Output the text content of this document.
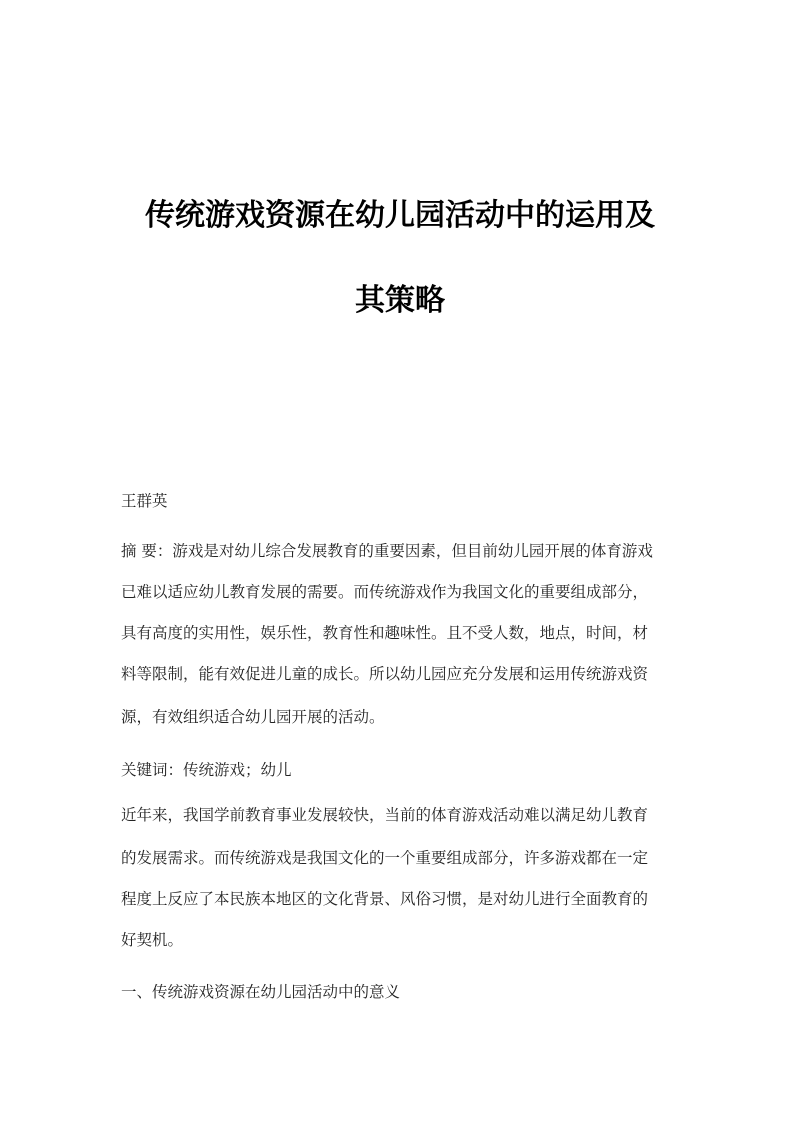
传统游戏资源在幼儿园活动中的运用及
其策略
王群英
摘 要：游戏是对幼儿综合发展教育的重要因素，但目前幼儿园开展的体育游戏
已难以适应幼儿教育发展的需要。而传统游戏作为我国文化的重要组成部分，
具有高度的实用性，娱乐性，教育性和趣味性。且不受人数，地点，时间，材
料等限制，能有效促进儿童的成长。所以幼儿园应充分发展和运用传统游戏资
源，有效组织适合幼儿园开展的活动。
关键词：传统游戏；幼儿
近年来，我国学前教育事业发展较快，当前的体育游戏活动难以满足幼儿教育
的发展需求。而传统游戏是我国文化的一个重要组成部分，许多游戏都在一定
程度上反应了本民族本地区的文化背景、风俗习惯，是对幼儿进行全面教育的
好契机。
一、传统游戏资源在幼儿园活动中的意义
